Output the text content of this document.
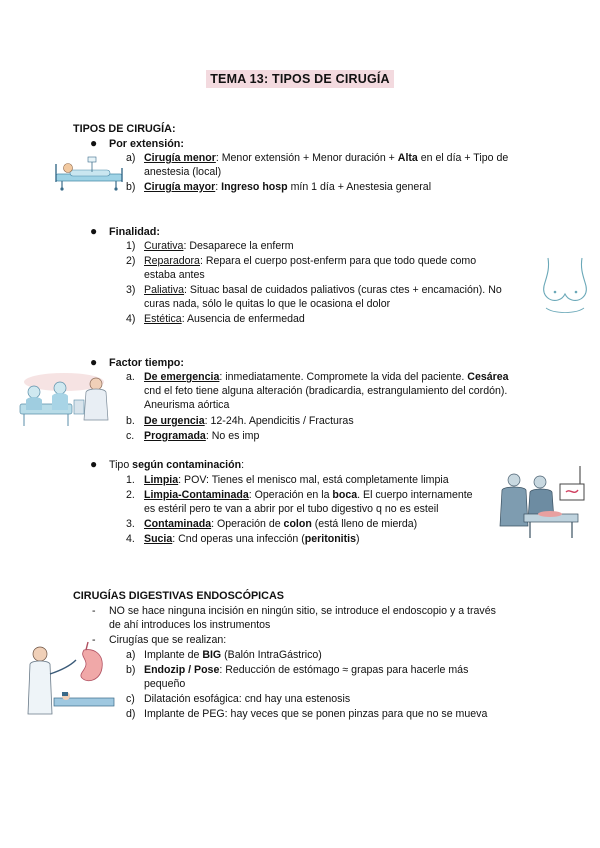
TEMA 13: TIPOS DE CIRUGÍA
TIPOS DE CIRUGÍA:
● Por extensión:
a) Cirugía menor: Menor extensión + Menor duración + Alta en el día + Tipo de
anestesia (local)
b) Cirugía mayor: Ingreso hosp mín 1 día + Anestesia general
● Finalidad:
1) Curativa: Desaparece la enferm
2) Reparadora: Repara el cuerpo post-enferm para que todo quede como
estaba antes
3) Paliativa: Situac basal de cuidados paliativos (curas ctes + encamación). No
curas nada, sólo le quitas lo que le ocasiona el dolor
4) Estética: Ausencia de enfermedad
● Factor tiempo:
a. De emergencia: inmediatamente. Compromete la vida del paciente. Cesárea
cnd el feto tiene alguna alteración (bradicardia, estrangulamiento del cordón).
Aneurisma aórtica
b. De urgencia: 12-24h. Apendicitis / Fracturas
c. Programada: No es imp
● Tipo según contaminación:
1. Limpia: POV: Tienes el menisco mal, está completamente limpia
2. Limpia-Contaminada: Operación en la boca. El cuerpo internamente
es estéril pero te van a abrir por el tubo digestivo q no es esteil
3. Contaminada: Operación de colon (está lleno de mierda)
4. Sucia: Cnd operas una infección (peritonitis)
CIRUGÍAS DIGESTIVAS ENDOSCÓPICAS
- NO se hace ninguna incisión en ningún sitio, se introduce el endoscopio y a través
de ahí introduces los instrumentos
- Cirugías que se realizan:
a) Implante de BIG (Balón IntraGástrico)
b) Endozip / Pose: Reducción de estómago ≈ grapas para hacerle más
pequeño
c) Dilatación esofágica: cnd hay una estenosis
d) Implante de PEG: hay veces que se ponen pinzas para que no se mueva
